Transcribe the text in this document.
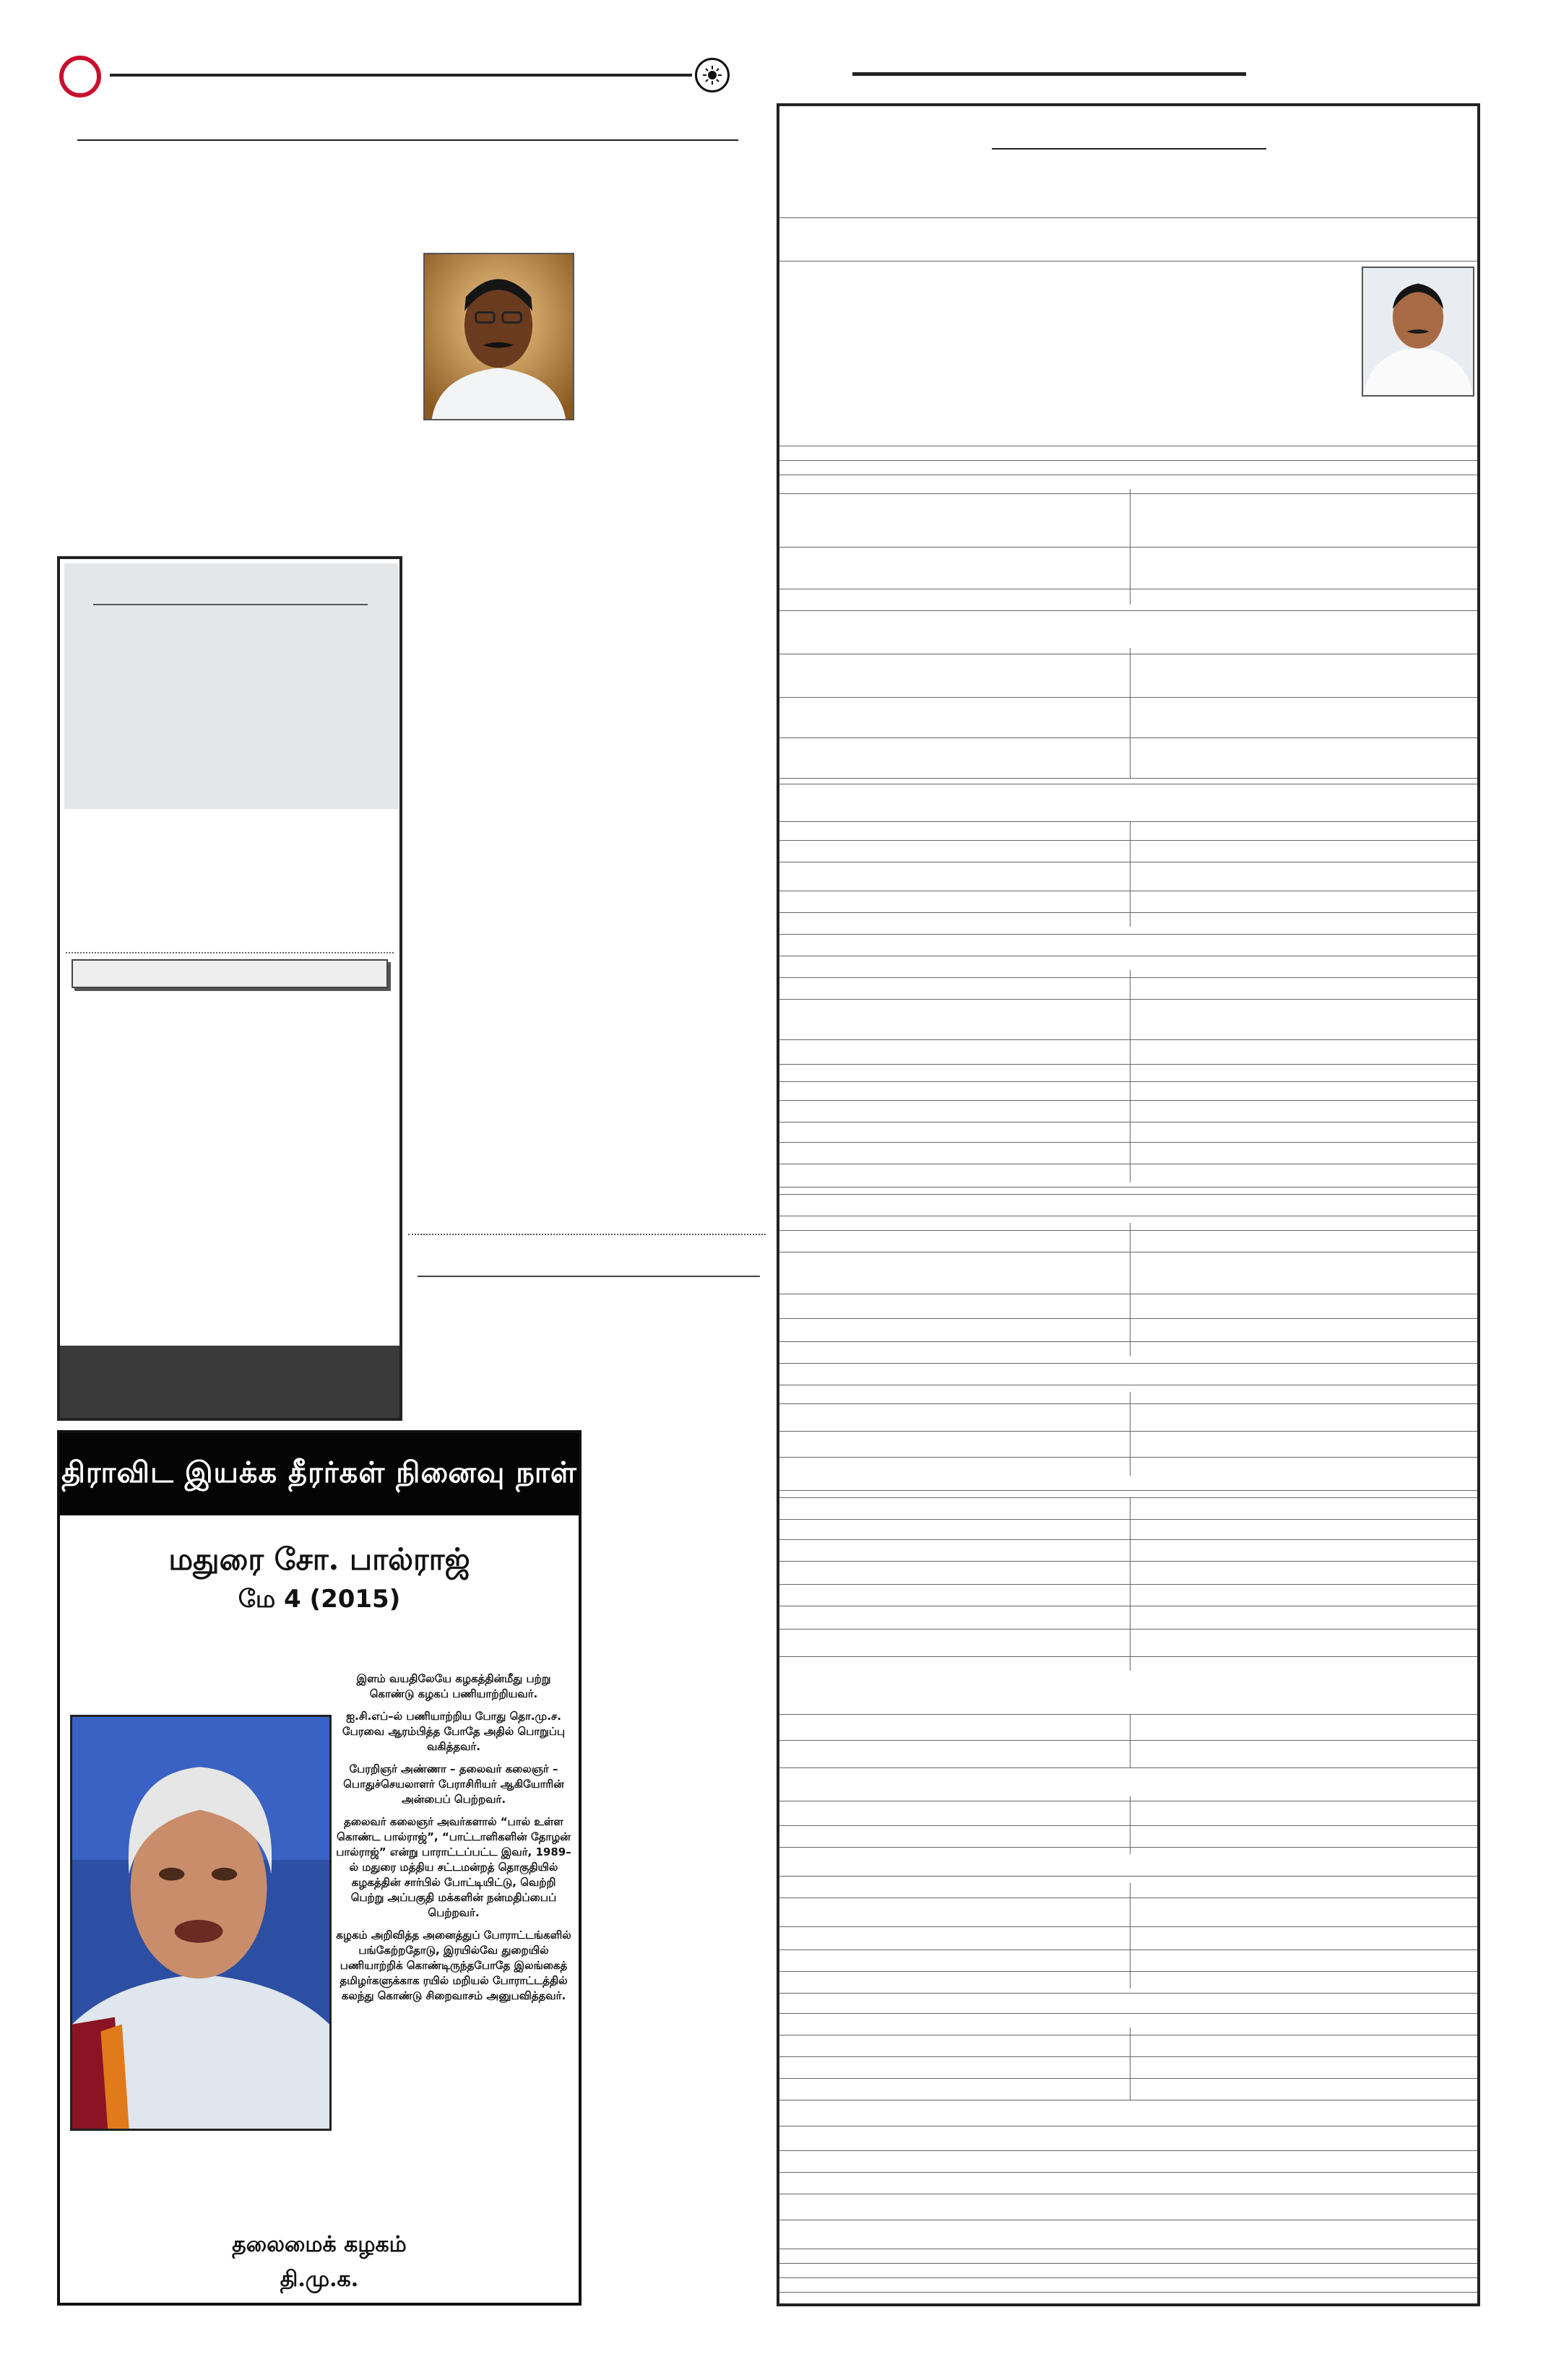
திராவிட இயக்க தீரர்கள் நினைவு நாள்
மதுரை சோ. பால்ராஜ்
மே 4 (2015)

இளம் வயதிலேயே கழகத்தின்மீது பற்று கொண்டு கழகப் பணியாற்றியவர்.

ஐ.சி.எப்–ல் பணியாற்றிய போது தொ.மு.ச. பேரவை ஆரம்பித்த போதே அதில் பொறுப்பு வகித்தவர்.

பேரறிஞர் அண்ணா – தலைவர் கலைஞர் –பொதுச்செயலாளர் பேராசிரியர் ஆகியோரின் அன்பைப் பெற்றவர்.

தலைவர் கலைஞர் அவர்களால் “பால் உள்ள கொண்ட பால்ராஜ்”, “பாட்டாளிகளின் தோழன் பால்ராஜ்” என்று பாராட்டப்பட்ட இவர், 1989–ல் மதுரை மத்திய சட்டமன்றத் தொகுதியில் கழகத்தின் சார்பில் போட்டியிட்டு, வெற்றி பெற்று அப்பகுதி மக்களின் நன்மதிப்பைப் பெற்றவர்.

கழகம் அறிவித்த அனைத்துப் போராட்டங்களில் பங்கேற்றதோடு, இரயில்வே துறையில் பணியாற்றிக் கொண்டிருந்தபோதே இலங்கைத் தமிழர்களுக்காக ரயில் மறியல் போராட்டத்தில் கலந்து கொண்டு சிறைவாசம் அனுபவித்தவர்.

தலைமைக் கழகம்
தி.மு.க.
